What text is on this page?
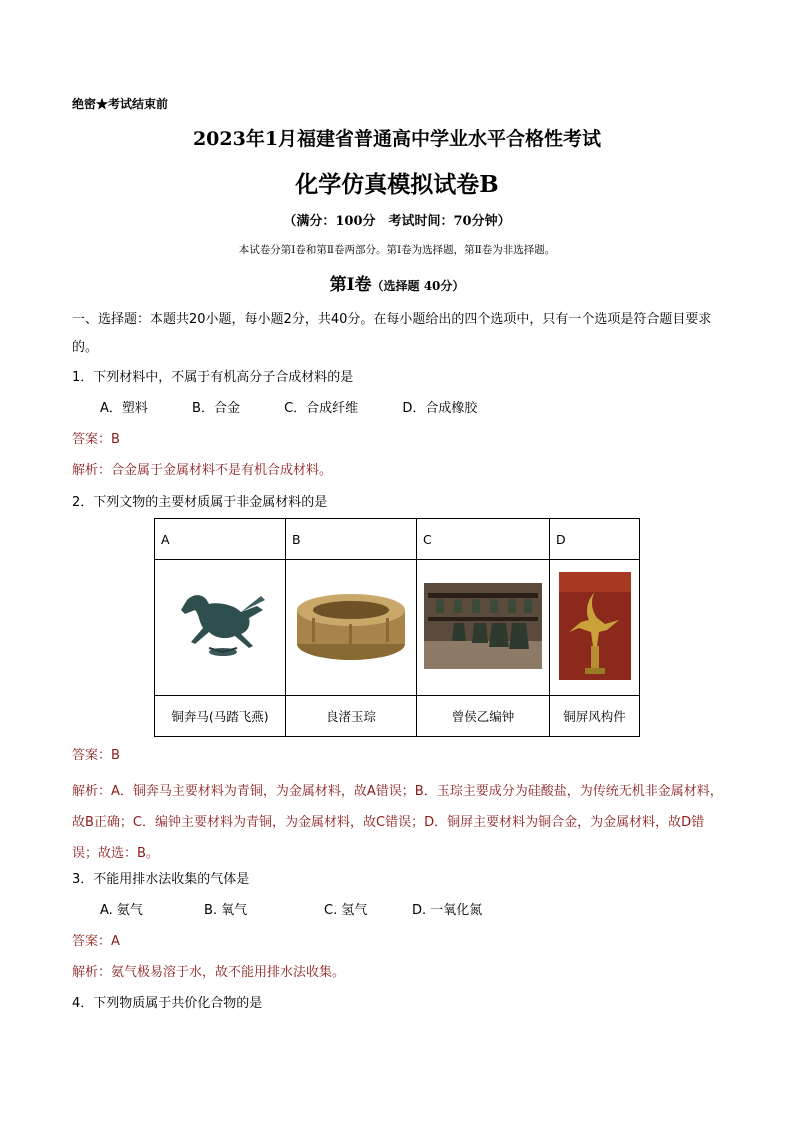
绝密★考试结束前
2023年1月福建省普通高中学业水平合格性考试
化学仿真模拟试卷B
（满分：100分　考试时间：70分钟）
本试卷分第Ⅰ卷和第Ⅱ卷两部分。第Ⅰ卷为选择题，第Ⅱ卷为非选择题。
第Ⅰ卷（选择题 40分）
一、选择题：本题共20小题，每小题2分，共40分。在每小题给出的四个选项中，只有一个选项是符合题目要求的。
1．下列材料中，不属于有机高分子合成材料的是
A．塑料	B．合金	C．合成纤维	D．合成橡胶
答案：B
解析：合金属于金属材料不是有机合成材料。
2．下列文物的主要材质属于非金属材料的是
A	B	C	D

铜奔马(马踏飞燕)	良渚玉琮	曾侯乙编钟	铜屏风构件
答案：B
解析：A．铜奔马主要材料为青铜，为金属材料，故A错误；B．玉琮主要成分为硅酸盐，为传统无机非金属材料，故B正确；C．编钟主要材料为青铜，为金属材料，故C错误；D．铜屏主要材料为铜合金，为金属材料，故D错误；故选：B。
3．不能用排水法收集的气体是
A. 氨气	B. 氧气	C. 氢气	D. 一氧化氮
答案：A
解析：氨气极易溶于水，故不能用排水法收集。
4．下列物质属于共价化合物的是
